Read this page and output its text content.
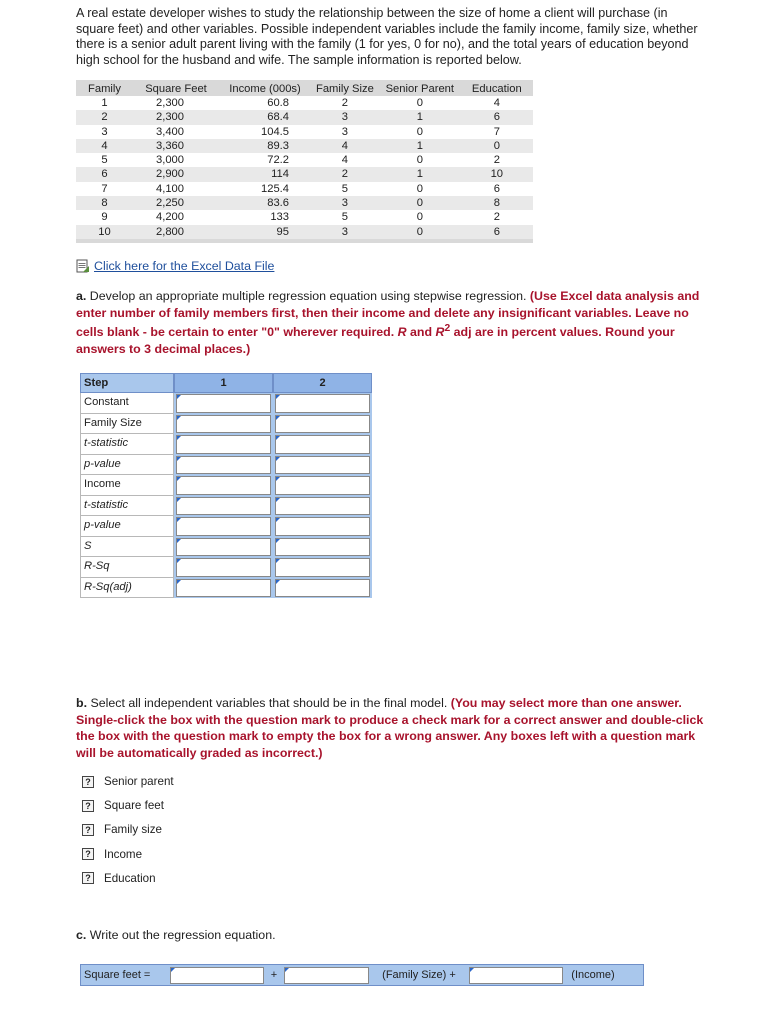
A real estate developer wishes to study the relationship between the size of home a client will purchase (in square feet) and other variables. Possible independent variables include the family income, family size, whether there is a senior adult parent living with the family (1 for yes, 0 for no), and the total years of education beyond high school for the husband and wife. The sample information is reported below.
Family	Square Feet	Income (000s)	Family Size	Senior Parent	Education
1	2,300	60.8	2	0	4
2	2,300	68.4	3	1	6
3	3,400	104.5	3	0	7
4	3,360	89.3	4	1	0
5	3,000	72.2	4	0	2
6	2,900	114	2	1	10
7	4,100	125.4	5	0	6
8	2,250	83.6	3	0	8
9	4,200	133	5	0	2
10	2,800	95	3	0	6
Click here for the Excel Data File
a. Develop an appropriate multiple regression equation using stepwise regression. (Use Excel data analysis and enter number of family members first, then their income and delete any insignificant variables. Leave no cells blank - be certain to enter "0" wherever required. R and $R^2$ adj are in percent values. Round your answers to 3 decimal places.)
Step	1	2
Constant
Family Size
t-statistic
p-value
Income
t-statistic
p-value
S
R-Sq
R-Sq(adj)
b. Select all independent variables that should be in the final model. (You may select more than one answer. Single-click the box with the question mark to produce a check mark for a correct answer and double-click the box with the question mark to empty the box for a wrong answer. Any boxes left with a question mark will be automatically graded as incorrect.)
? Senior parent
? Square feet
? Family size
? Income
? Education
c. Write out the regression equation.
Square feet =	+	(Family Size) +	(Income)
